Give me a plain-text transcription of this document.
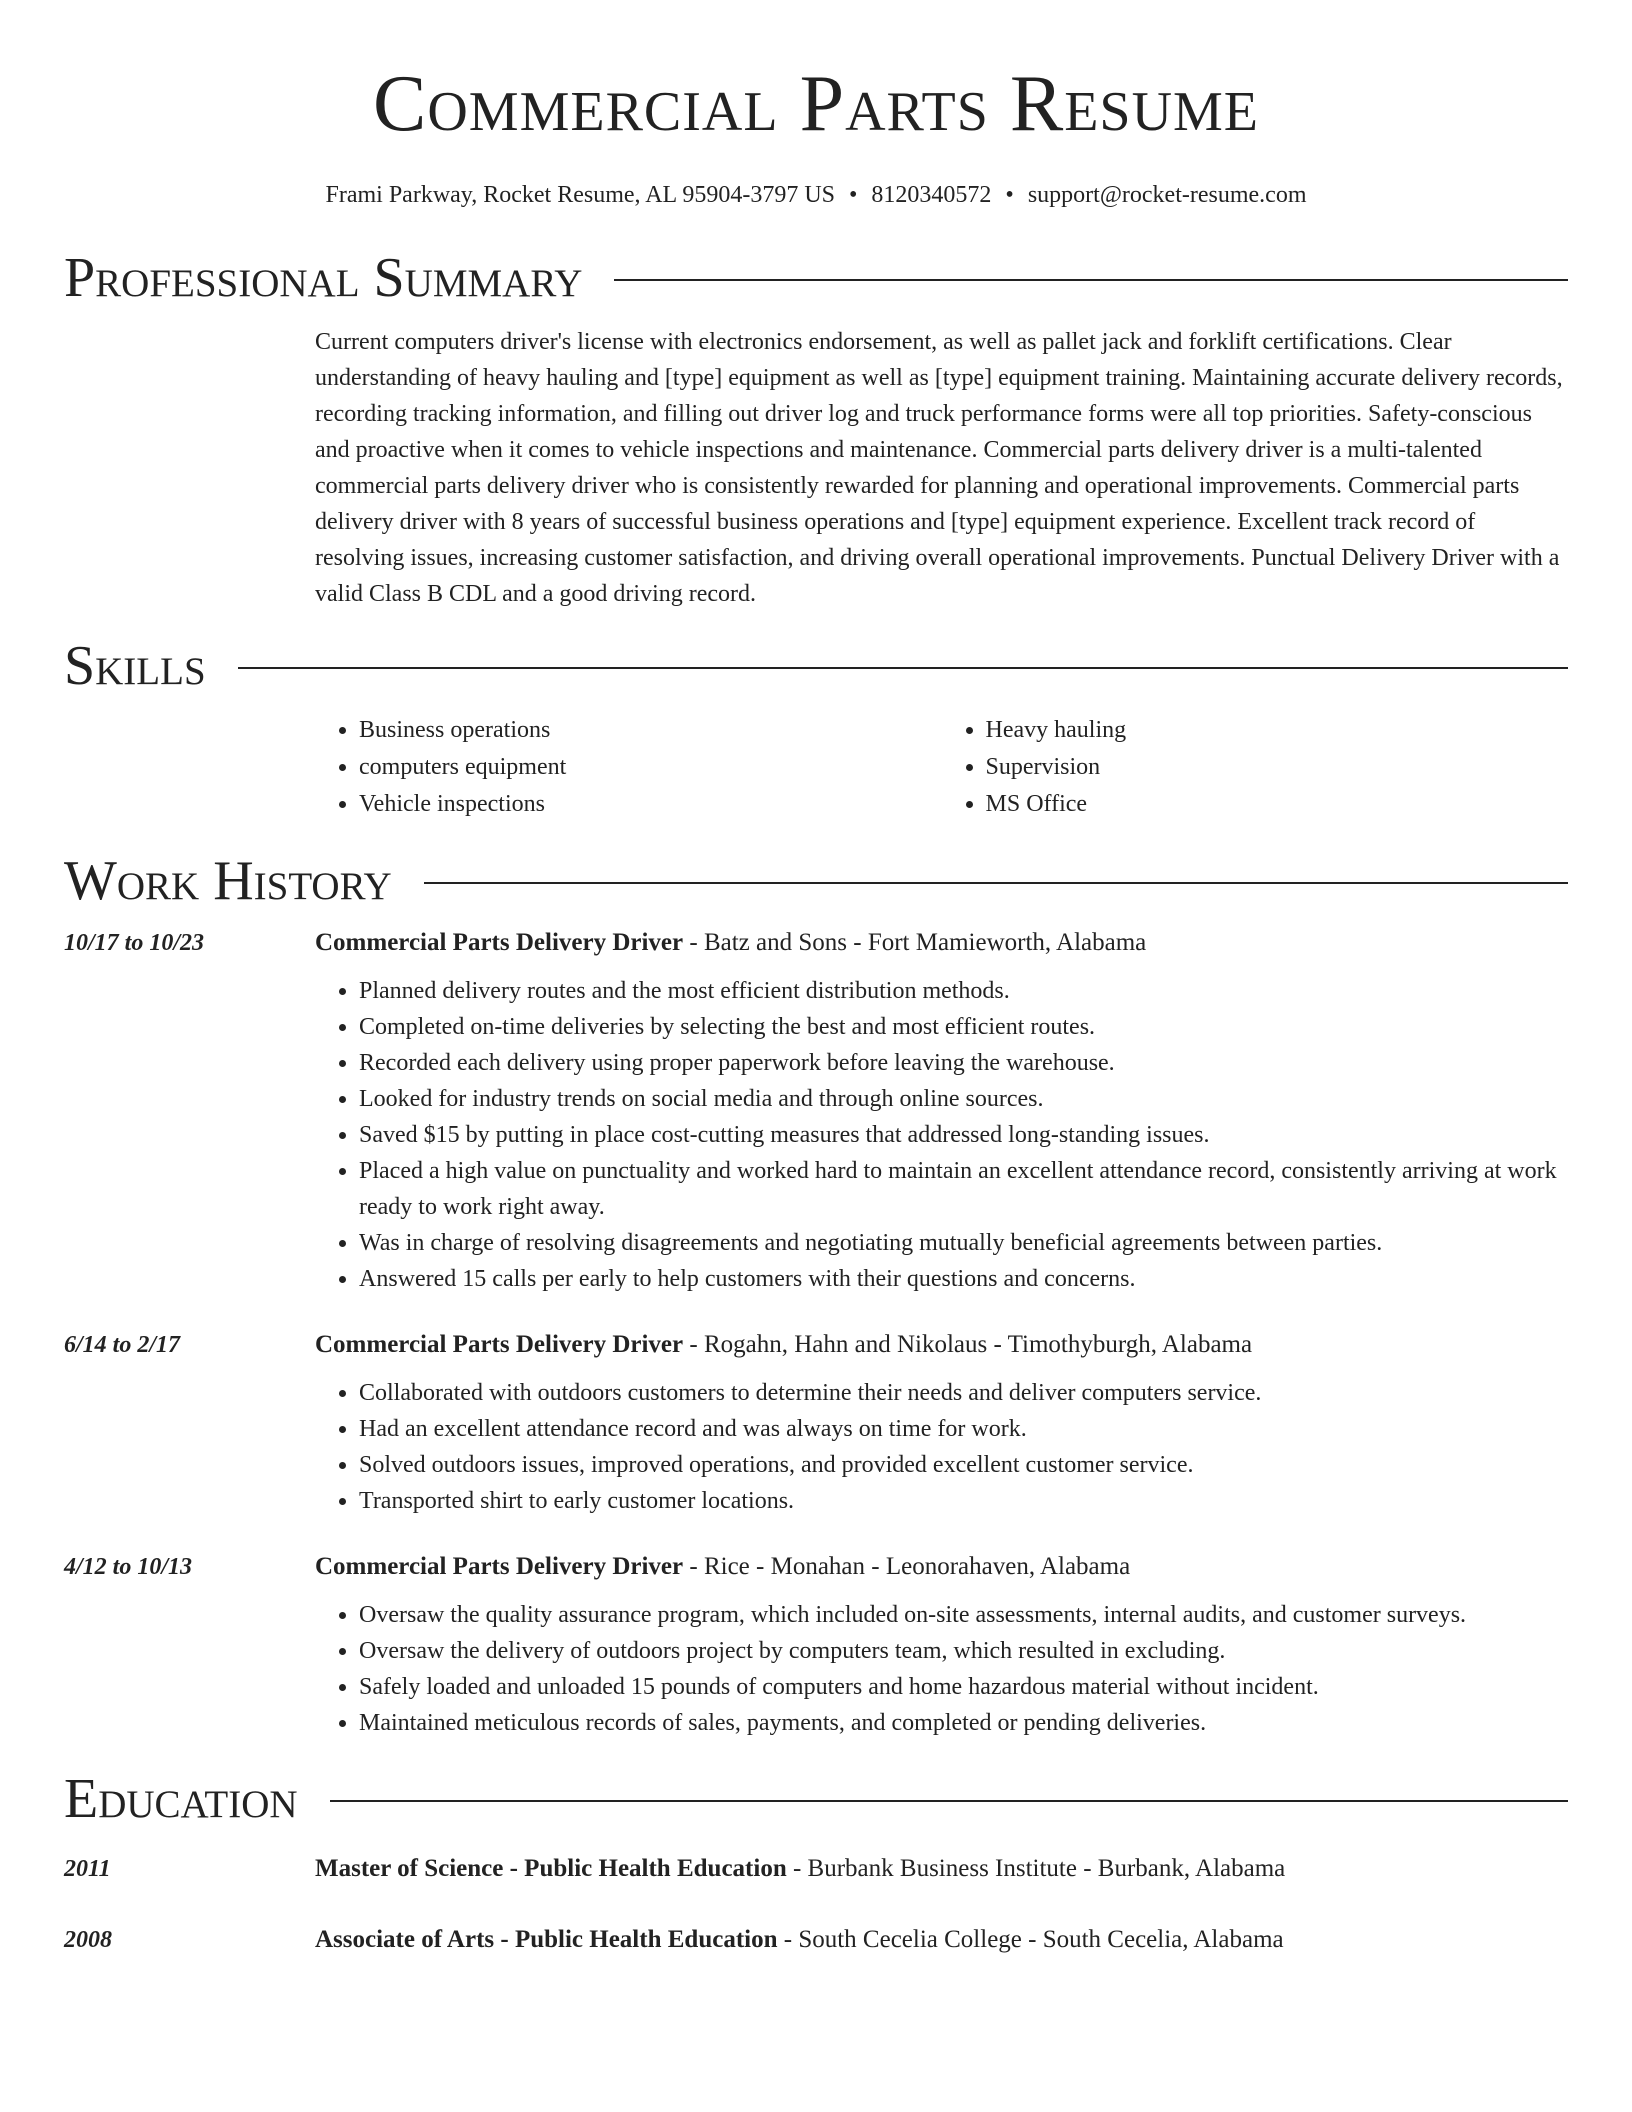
Commercial Parts Resume
Frami Parkway, Rocket Resume, AL 95904-3797 US • 8120340572 • support@rocket-resume.com
Professional Summary

Current computers driver's license with electronics endorsement, as well as pallet jack and forklift certifications. Clear understanding of heavy hauling and [type] equipment as well as [type] equipment training. Maintaining accurate delivery records, recording tracking information, and filling out driver log and truck performance forms were all top priorities. Safety-conscious and proactive when it comes to vehicle inspections and maintenance. Commercial parts delivery driver is a multi-talented commercial parts delivery driver who is consistently rewarded for planning and operational improvements. Commercial parts delivery driver with 8 years of successful business operations and [type] equipment experience. Excellent track record of resolving issues, increasing customer satisfaction, and driving overall operational improvements. Punctual Delivery Driver with a valid Class B CDL and a good driving record.

Skills
• Business operations
• computers equipment
• Vehicle inspections
• Heavy hauling
• Supervision
• MS Office
Work History
10/17 to 10/23	Commercial Parts Delivery Driver - Batz and Sons - Fort Mamieworth, Alabama
• Planned delivery routes and the most efficient distribution methods.
• Completed on-time deliveries by selecting the best and most efficient routes.
• Recorded each delivery using proper paperwork before leaving the warehouse.
• Looked for industry trends on social media and through online sources.
• Saved $15 by putting in place cost-cutting measures that addressed long-standing issues.
• Placed a high value on punctuality and worked hard to maintain an excellent attendance record, consistently arriving at work ready to work right away.
• Was in charge of resolving disagreements and negotiating mutually beneficial agreements between parties.
• Answered 15 calls per early to help customers with their questions and concerns.
6/14 to 2/17	Commercial Parts Delivery Driver - Rogahn, Hahn and Nikolaus - Timothyburgh, Alabama
• Collaborated with outdoors customers to determine their needs and deliver computers service.
• Had an excellent attendance record and was always on time for work.
• Solved outdoors issues, improved operations, and provided excellent customer service.
• Transported shirt to early customer locations.
4/12 to 10/13	Commercial Parts Delivery Driver - Rice - Monahan - Leonorahaven, Alabama
• Oversaw the quality assurance program, which included on-site assessments, internal audits, and customer surveys.
• Oversaw the delivery of outdoors project by computers team, which resulted in excluding.
• Safely loaded and unloaded 15 pounds of computers and home hazardous material without incident.
• Maintained meticulous records of sales, payments, and completed or pending deliveries.
Education
2011	Master of Science - Public Health Education - Burbank Business Institute - Burbank, Alabama
2008	Associate of Arts - Public Health Education - South Cecelia College - South Cecelia, Alabama
